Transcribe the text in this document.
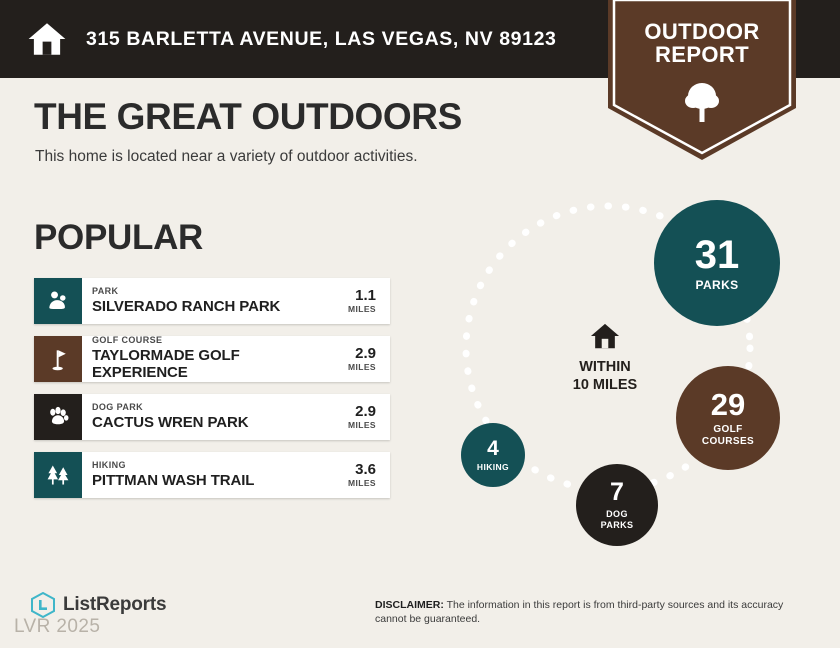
315 BARLETTA AVENUE, LAS VEGAS, NV 89123	OUTDOOR
REPORT
THE GREAT OUTDOORS
This home is located near a variety of outdoor activities.
POPULAR
PARK
SILVERADO RANCH PARK
1.1
MILES
GOLF COURSE
TAYLORMADE GOLF EXPERIENCE
2.9
MILES
DOG PARK
CACTUS WREN PARK
2.9
MILES
HIKING
PITTMAN WASH TRAIL
3.6
MILES
WITHIN
10 MILES
31
PARKS
29
GOLF
COURSES
7
DOG
PARKS
4
HIKING
ListReports
LVR 2025
DISCLAIMER: The information in this report is from third-party sources and its accuracy cannot be guaranteed.
